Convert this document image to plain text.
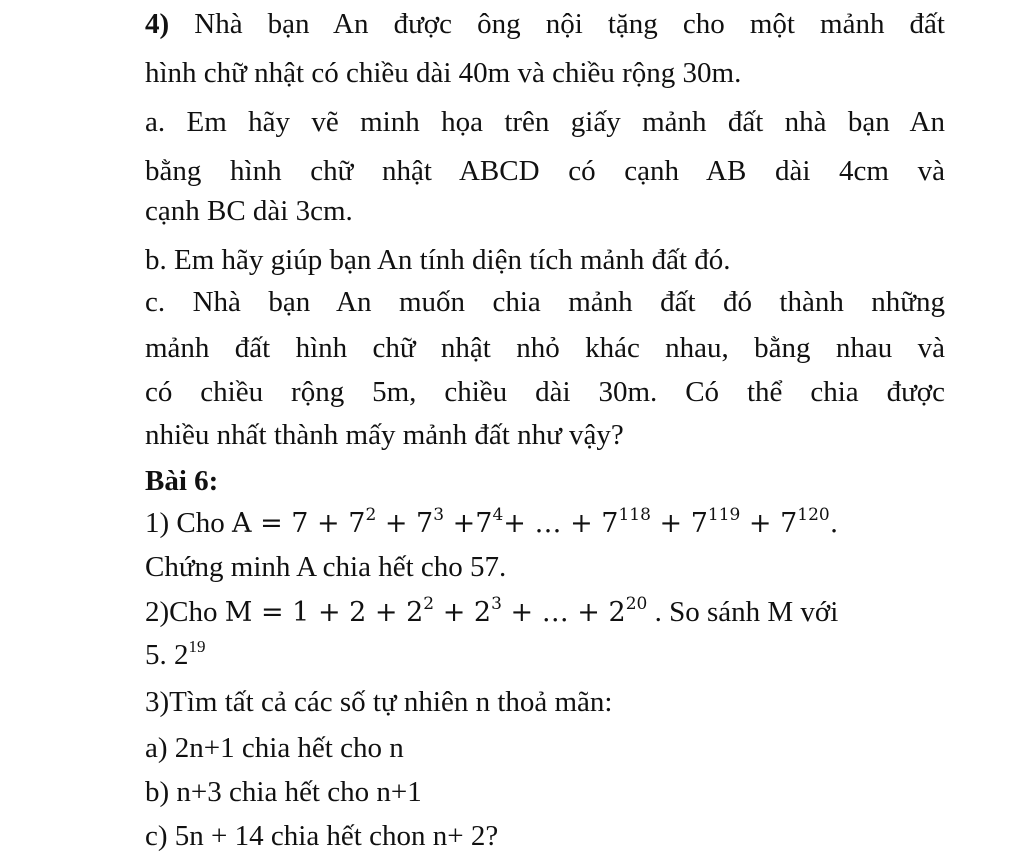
4) Nhà bạn An được ông nội tặng cho một mảnh đất
hình chữ nhật có chiều dài 40m và chiều rộng 30m.
a. Em hãy vẽ minh họa trên giấy mảnh đất nhà bạn An
bằng hình chữ nhật ABCD có cạnh AB dài 4cm và
cạnh BC dài 3cm.
b. Em hãy giúp bạn An tính diện tích mảnh đất đó.
c. Nhà bạn An muốn chia mảnh đất đó thành những
mảnh đất hình chữ nhật nhỏ khác nhau, bằng nhau và
có chiều rộng 5m, chiều dài 30m. Có thể chia được
nhiều nhất thành mấy mảnh đất như vậy?
Bài 6:
1) Cho $A = 7 + 7^2 + 7^3 +7^4+$ … + $7^{118} + 7^{119} + 7^{120}$.
Chứng minh A chia hết cho 57.
2)Cho $M = 1 + 2 + 2^2 + 2^3$ + … + $2^{20}$ . So sánh M với
5. $2^{19}$
3)Tìm tất cả các số tự nhiên n thoả mãn:
a) 2n+1 chia hết cho n
b) n+3 chia hết cho n+1
c) 5n + 14 chia hết chon n+ 2?
